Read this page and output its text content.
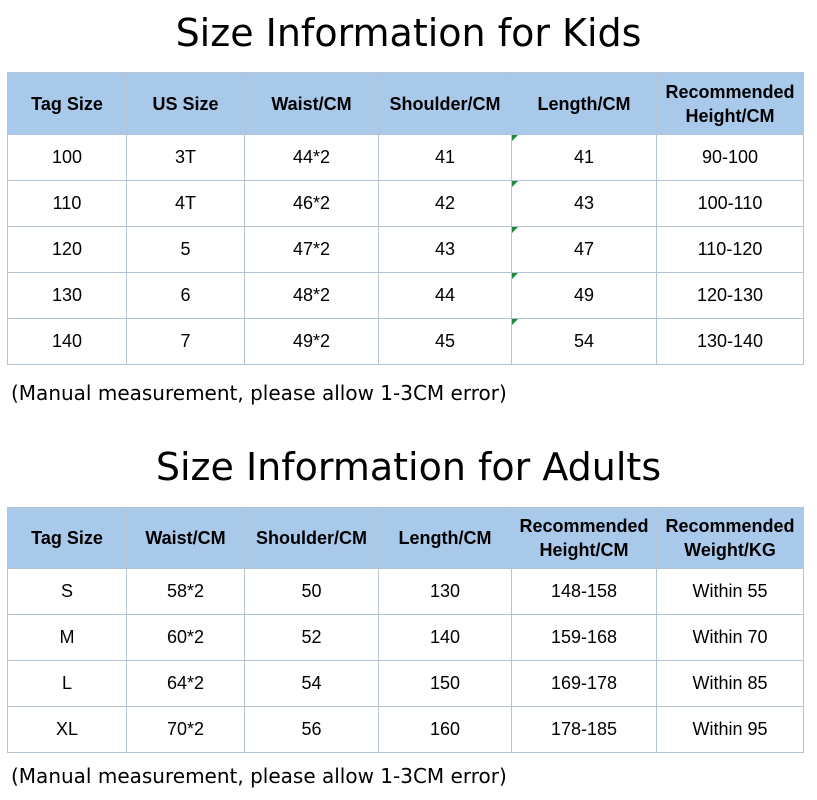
Size Information for Kids
Tag Size	US Size	Waist/CM	Shoulder/CM	Length/CM	Recommended Height/CM
100	3T	44*2	41	41	90-100
110	4T	46*2	42	43	100-110
120	5	47*2	43	47	110-120
130	6	48*2	44	49	120-130
140	7	49*2	45	54	130-140
(Manual measurement, please allow 1-3CM error)
Size Information for Adults
Tag Size	Waist/CM	Shoulder/CM	Length/CM	Recommended Height/CM	Recommended Weight/KG
S	58*2	50	130	148-158	Within 55
M	60*2	52	140	159-168	Within 70
L	64*2	54	150	169-178	Within 85
XL	70*2	56	160	178-185	Within 95
(Manual measurement, please allow 1-3CM error)
